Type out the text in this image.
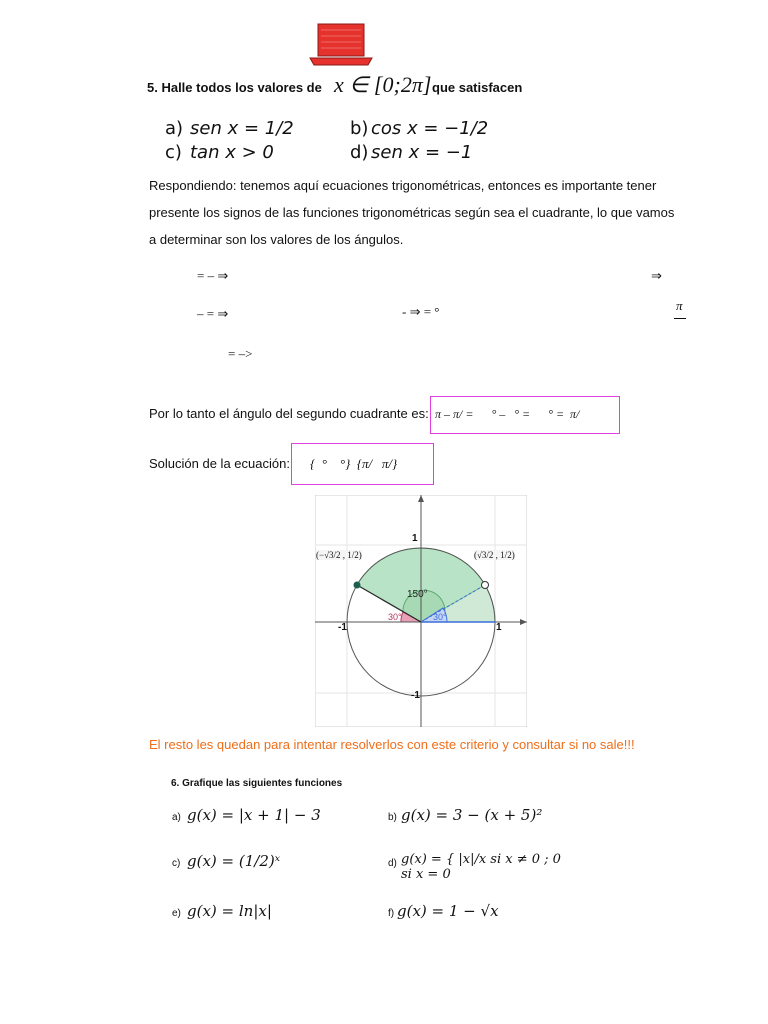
5. Halle todos los valores de x ∈ [0;2π] que satisfacen
a) sen x = 1/2	b) cos x = −1/2
c) tan x > 0	d) sen x = −1
Respondiendo: tenemos aquí ecuaciones trigonométricas, entonces es importante tener
presente los signos de las funciones trigonométricas según sea el cuadrante, lo que vamos
a determinar son los valores de los ángulos.
= – ⇒	⇒
– = ⇒	- ⇒ = °	π
= –>
Por lo tanto el ángulo del segundo cuadrante es: π – π/ =      ° –   ° =      ° =  π/
Solución de la ecuación: {  °    °}  {π/   π/}
150°
30°	30°
1
-1
-1	1
(−√3/2 , 1/2)	(√3/2 , 1/2)
El resto les quedan para intentar resolverlos con este criterio y consultar si no sale!!!
6. Grafique las siguientes funciones
a) g(x) = |x + 1| − 3	b) g(x) = 3 − (x + 5)²
c) g(x) = (1/2)ˣ	d) g(x) = { |x|/x si x ≠ 0 ; 0 si x = 0
e) g(x) = ln|x|	f) g(x) = 1 − √x
